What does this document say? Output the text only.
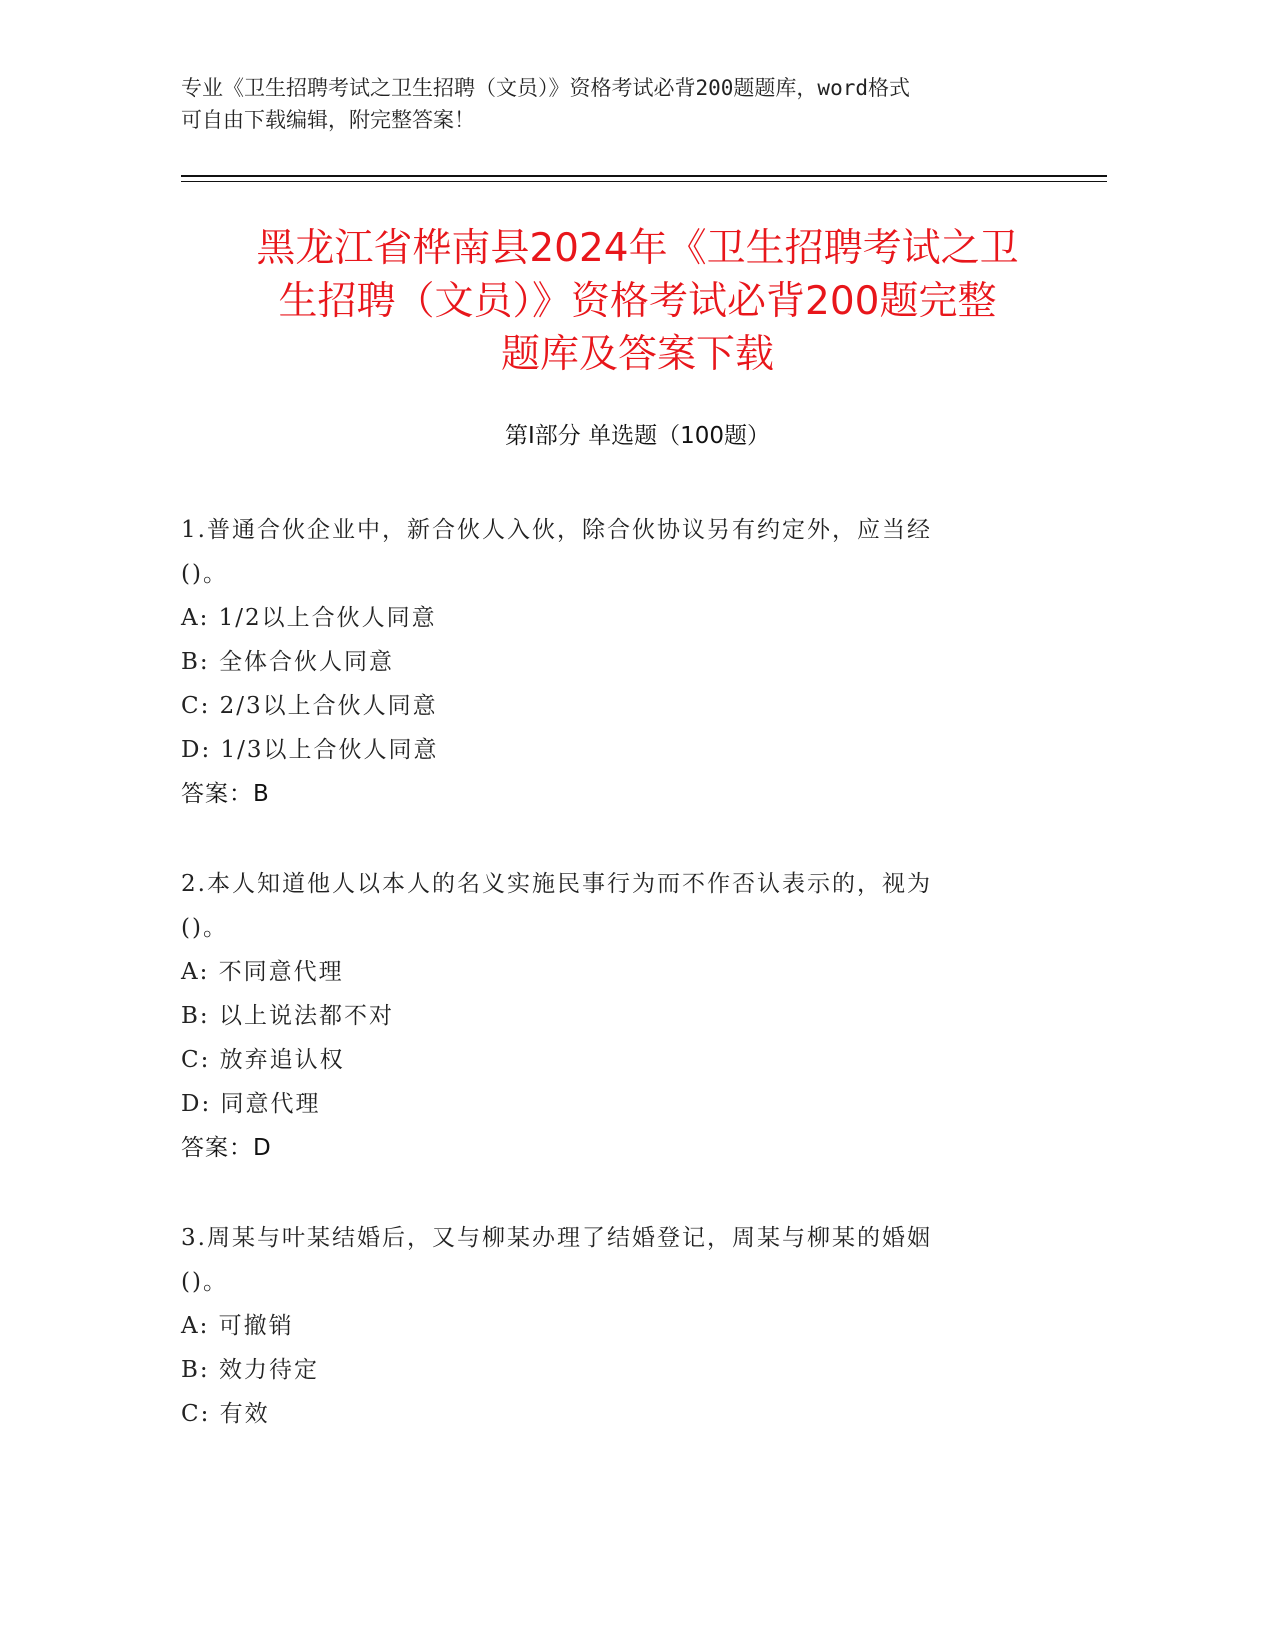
专业《卫生招聘考试之卫生招聘（文员）》资格考试必背200题题库，word格式
可自由下载编辑，附完整答案！
黑龙江省桦南县2024年《卫生招聘考试之卫
生招聘（文员）》资格考试必背200题完整
题库及答案下载
第Ⅰ部分 单选题（100题）
1.普通合伙企业中，新合伙人入伙，除合伙协议另有约定外，应当经
()。
A: 1/2以上合伙人同意
B: 全体合伙人同意
C: 2/3以上合伙人同意
D: 1/3以上合伙人同意
答案：B
2.本人知道他人以本人的名义实施民事行为而不作否认表示的，视为
()。
A: 不同意代理
B: 以上说法都不对
C: 放弃追认权
D: 同意代理
答案：D
3.周某与叶某结婚后，又与柳某办理了结婚登记，周某与柳某的婚姻
()。
A: 可撤销
B: 效力待定
C: 有效
